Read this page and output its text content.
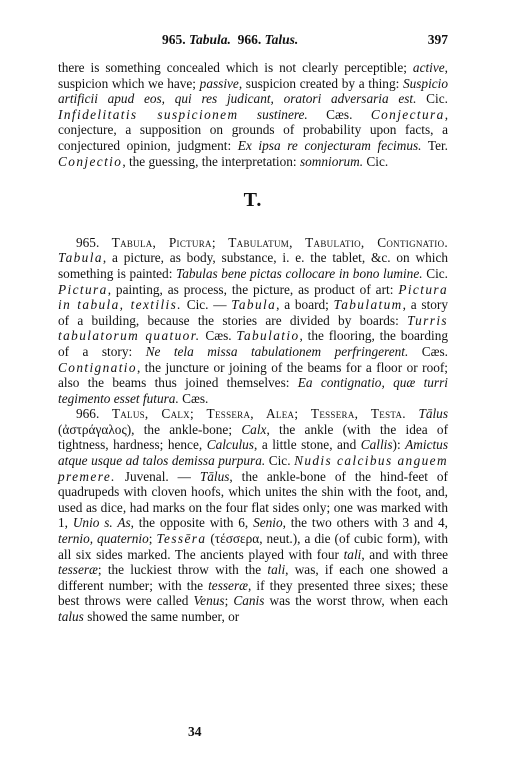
965. Tabula. 966. Talus.	397

there is something concealed which is not clearly perceptible; active, suspicion which we have; passive, suspicion created by a thing: Suspicio artificii apud eos, qui res judicant, oratori adversaria est. Cic. Infidelitatis suspicionem sustinere. Cæs. Conjectura, conjecture, a supposition on grounds of probability upon facts, a conjectured opinion, judgment: Ex ipsa re conjecturam fecimus. Ter. Conjectio, the guessing, the interpretation: somniorum. Cic.

T.

965. Tabula, Pictura; Tabulatum, Tabulatio, Contignatio. Tabula, a picture, as body, substance, i. e. the tablet, &c. on which something is painted: Tabulas bene pictas collocare in bono lumine. Cic. Pictura, painting, as process, the picture, as product of art: Pictura in tabula, textilis. Cic. — Tabula, a board; Tabulatum, a story of a building, because the stories are divided by boards: Turris tabulatorum quatuor. Cæs. Tabulatio, the flooring, the boarding of a story: Ne tela missa tabulationem perfringerent. Cæs. Contignatio, the juncture or joining of the beams for a floor or roof; also the beams thus joined themselves: Ea contignatio, quæ turri tegimento esset futura. Cæs.

966. Talus, Calx; Tessera, Alea; Tessera, Testa. Tālus (ἀστράγαλος), the ankle-bone; Calx, the ankle (with the idea of tightness, hardness; hence, Calculus, a little stone, and Callis): Amictus atque usque ad talos demissa purpura. Cic. Nudis calcibus anguem premere. Juvenal. — Tālus, the ankle-bone of the hind-feet of quadrupeds with cloven hoofs, which unites the shin with the foot, and, used as dice, had marks on the four flat sides only; one was marked with 1, Unio s. As, the opposite with 6, Senio, the two others with 3 and 4, ternio, quaternio; Tessēra (τέσσερα, neut.), a die (of cubic form), with all six sides marked. The ancients played with four tali, and with three tesseræ; the luckiest throw with the tali, was, if each one showed a different number; with the tesseræ, if they presented three sixes; these best throws were called Venus; Canis was the worst throw, when each talus showed the same number, or

34
